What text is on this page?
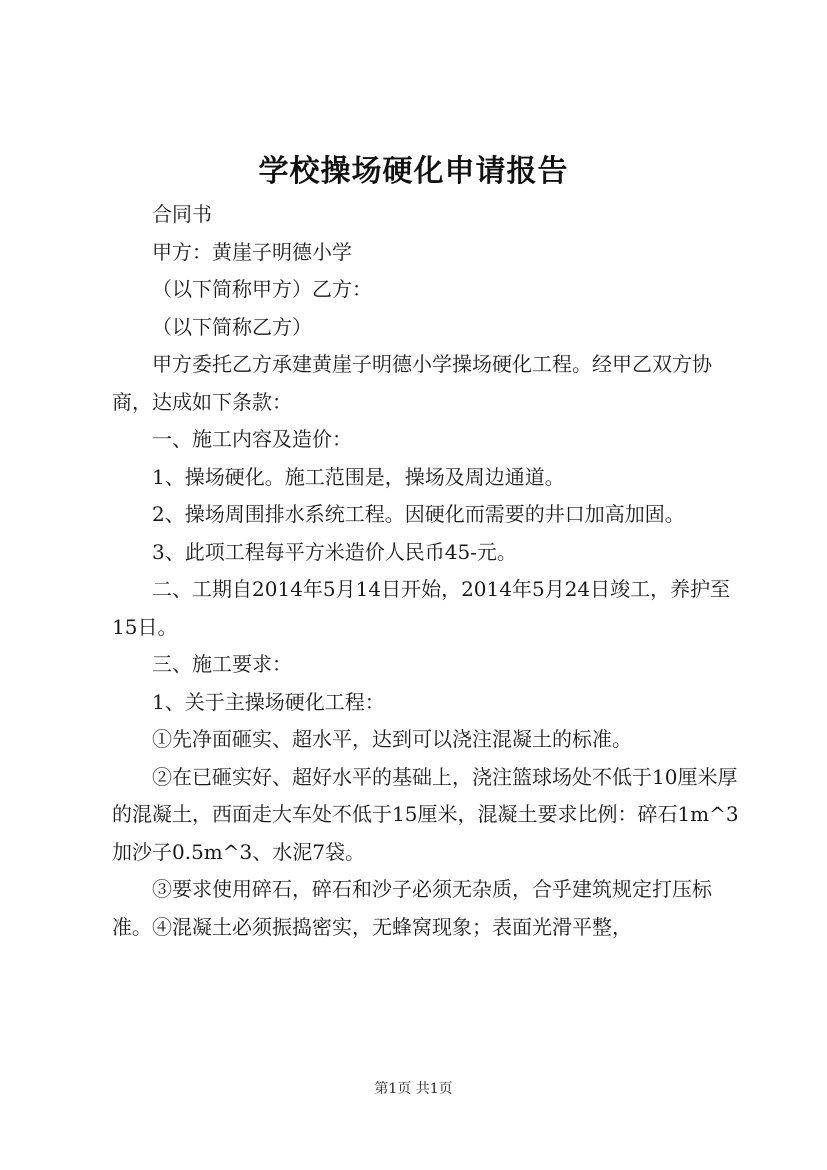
学校操场硬化申请报告

合同书

甲方：黄崖子明德小学

（以下简称甲方）乙方：

（以下简称乙方）

甲方委托乙方承建黄崖子明德小学操场硬化工程。经甲乙双方协商，达成如下条款：

一、施工内容及造价：

1、操场硬化。施工范围是，操场及周边通道。

2、操场周围排水系统工程。因硬化而需要的井口加高加固。

3、此项工程每平方米造价人民币45-元。

二、工期自2014年5月14日开始，2014年5月24日竣工，养护至15日。

三、施工要求：

1、关于主操场硬化工程：

①先净面砸实、超水平，达到可以浇注混凝土的标准。

②在已砸实好、超好水平的基础上，浇注篮球场处不低于10厘米厚的混凝土，西面走大车处不低于15厘米，混凝土要求比例：碎石1m^3加沙子0.5m^3、水泥7袋。

③要求使用碎石，碎石和沙子必须无杂质，合乎建筑规定打压标准。④混凝土必须振捣密实，无蜂窝现象；表面光滑平整，

第1页 共1页
